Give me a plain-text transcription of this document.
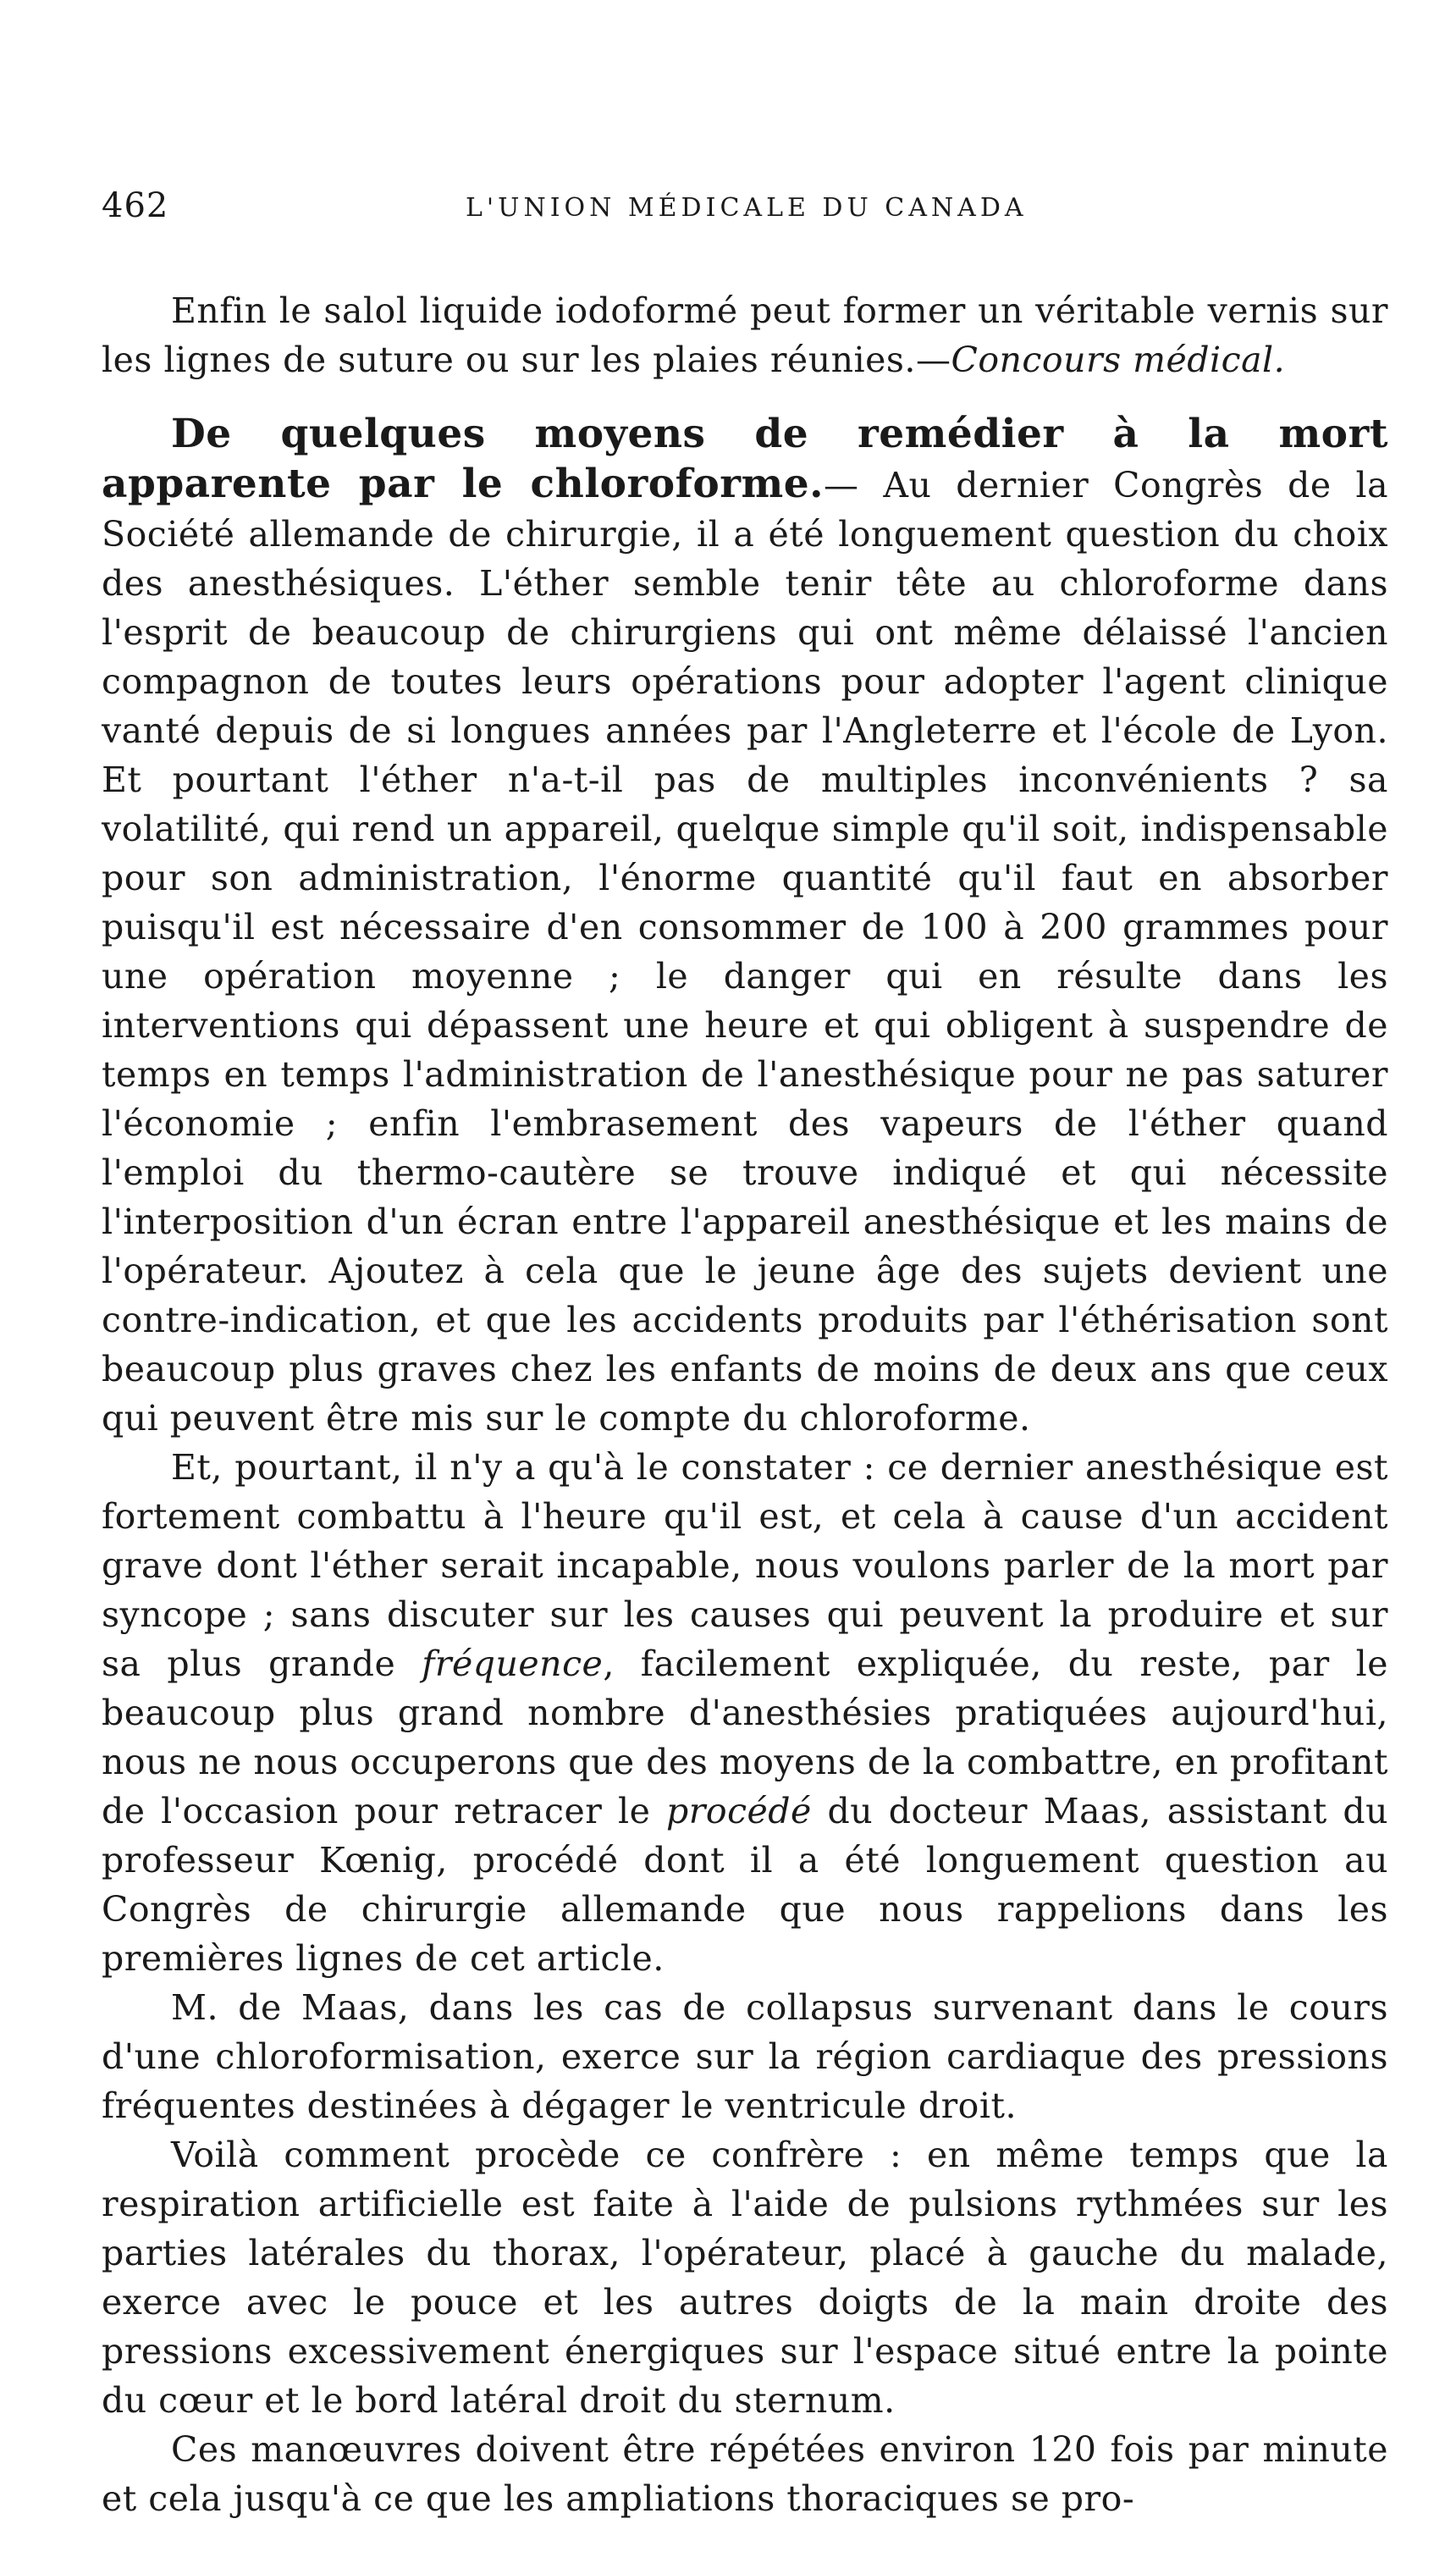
462	L'UNION MÉDICALE DU CANADA

Enfin le salol liquide iodoformé peut former un véritable vernis sur les lignes de suture ou sur les plaies réunies.—Concours médical.

De quelques moyens de remédier à la mort apparente par le chloroforme.— Au dernier Congrès de la Société allemande de chirurgie, il a été longuement question du choix des anesthésiques. L'éther semble tenir tête au chloroforme dans l'esprit de beaucoup de chirurgiens qui ont même délaissé l'ancien compagnon de toutes leurs opérations pour adopter l'agent clinique vanté depuis de si longues années par l'Angleterre et l'école de Lyon. Et pourtant l'éther n'a-t-il pas de multiples inconvénients ? sa volatilité, qui rend un appareil, quelque simple qu'il soit, indispensable pour son administration, l'énorme quantité qu'il faut en absorber puisqu'il est nécessaire d'en consommer de 100 à 200 grammes pour une opération moyenne ; le danger qui en résulte dans les interventions qui dépassent une heure et qui obligent à suspendre de temps en temps l'administration de l'anesthésique pour ne pas saturer l'économie ; enfin l'embrasement des vapeurs de l'éther quand l'emploi du thermo-cautère se trouve indiqué et qui nécessite l'interposition d'un écran entre l'appareil anesthésique et les mains de l'opérateur. Ajoutez à cela que le jeune âge des sujets devient une contre-indication, et que les accidents produits par l'éthérisation sont beaucoup plus graves chez les enfants de moins de deux ans que ceux qui peuvent être mis sur le compte du chloroforme.

Et, pourtant, il n'y a qu'à le constater : ce dernier anesthésique est fortement combattu à l'heure qu'il est, et cela à cause d'un accident grave dont l'éther serait incapable, nous voulons parler de la mort par syncope ; sans discuter sur les causes qui peuvent la produire et sur sa plus grande fréquence, facilement expliquée, du reste, par le beaucoup plus grand nombre d'anesthésies pratiquées aujourd'hui, nous ne nous occuperons que des moyens de la combattre, en profitant de l'occasion pour retracer le procédé du docteur Maas, assistant du professeur Kœnig, procédé dont il a été longuement question au Congrès de chirurgie allemande que nous rappelions dans les premières lignes de cet article.

M. de Maas, dans les cas de collapsus survenant dans le cours d'une chloroformisation, exerce sur la région cardiaque des pressions fréquentes destinées à dégager le ventricule droit.

Voilà comment procède ce confrère : en même temps que la respiration artificielle est faite à l'aide de pulsions rythmées sur les parties latérales du thorax, l'opérateur, placé à gauche du malade, exerce avec le pouce et les autres doigts de la main droite des pressions excessivement énergiques sur l'espace situé entre la pointe du cœur et le bord latéral droit du sternum.

Ces manœuvres doivent être répétées environ 120 fois par minute et cela jusqu'à ce que les ampliations thoraciques se pro-
